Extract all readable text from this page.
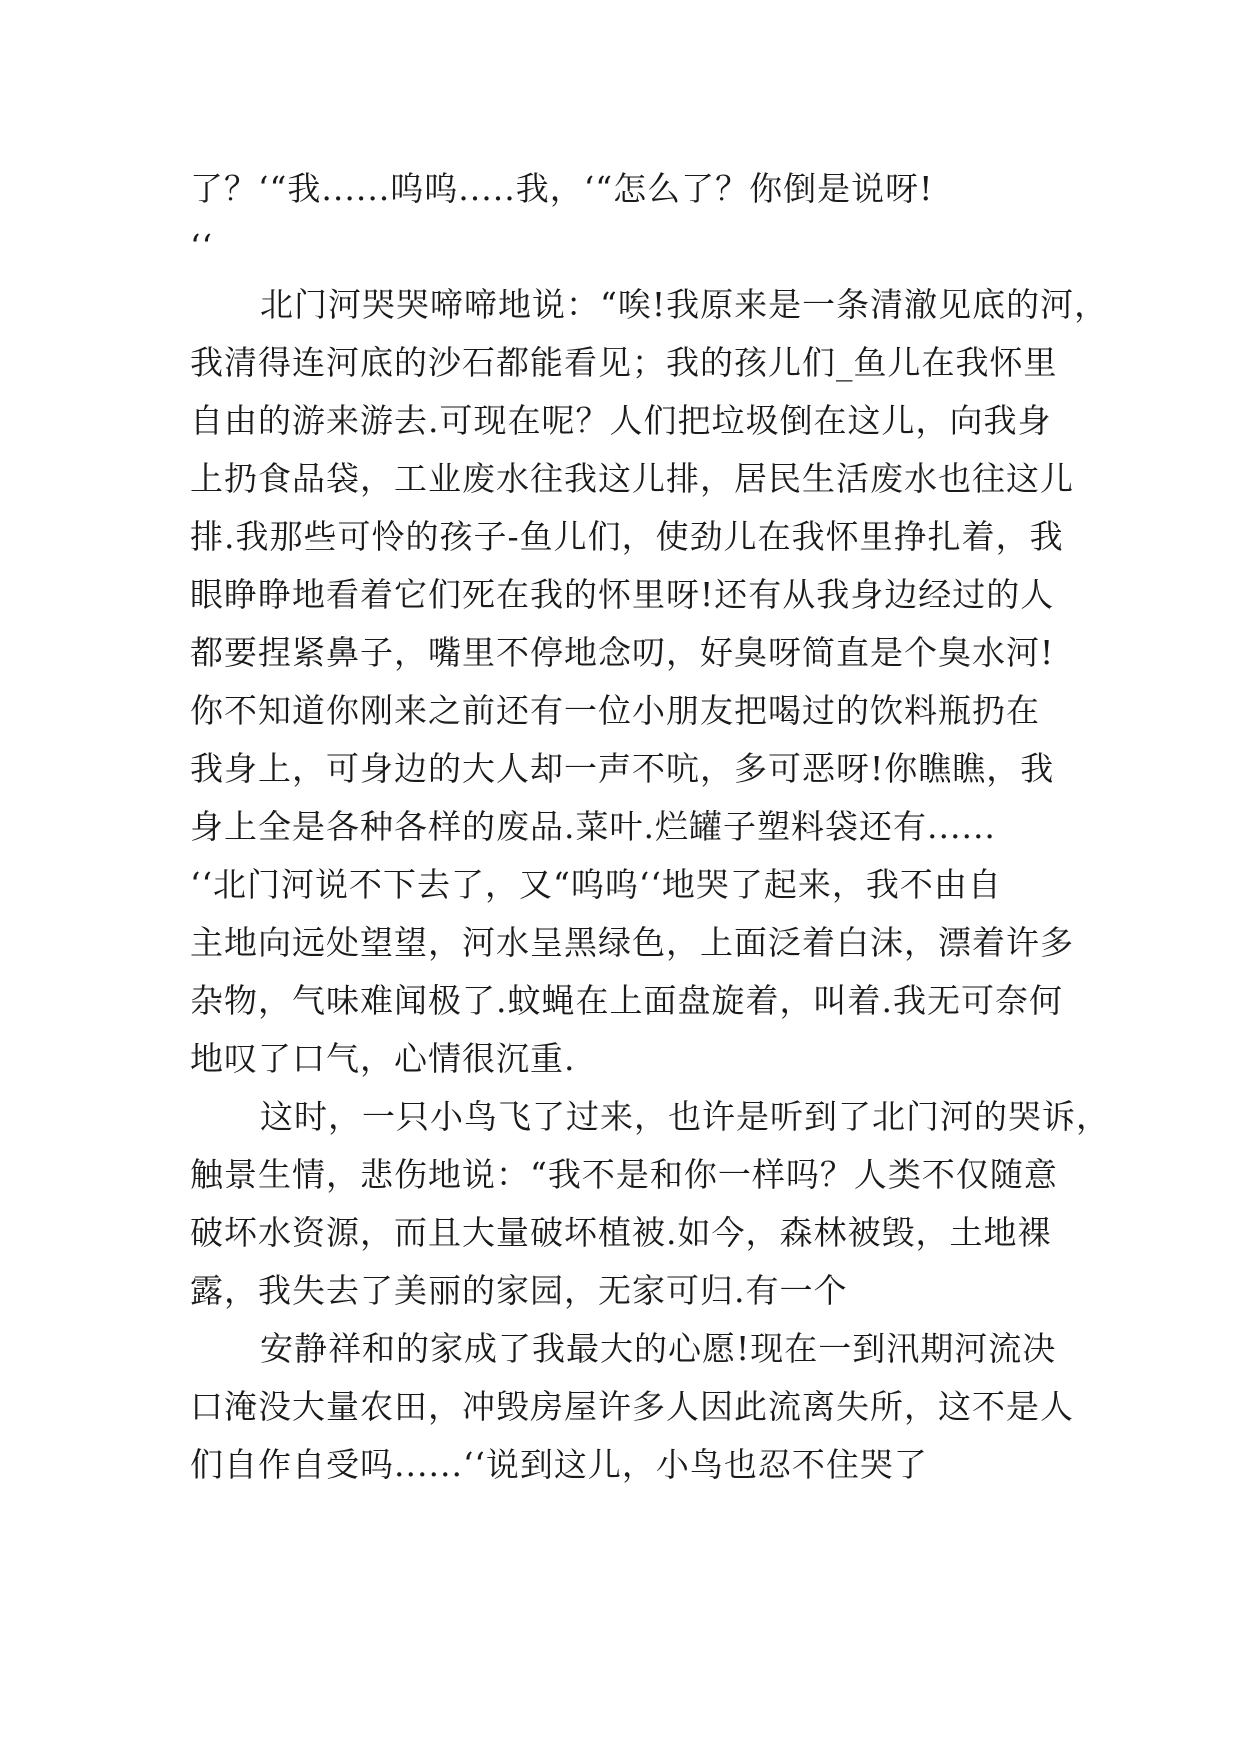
了？‘“我......呜呜.....我，‘“怎么了？你倒是说呀!
‘‘
北门河哭哭啼啼地说：“唉!我原来是一条清澈见底的河，
我清得连河底的沙石都能看见；我的孩儿们_鱼儿在我怀里
自由的游来游去.可现在呢？人们把垃圾倒在这儿，向我身
上扔食品袋，工业废水往我这儿排，居民生活废水也往这儿
排.我那些可怜的孩子-鱼儿们，使劲儿在我怀里挣扎着，我
眼睁睁地看着它们死在我的怀里呀!还有从我身边经过的人
都要捏紧鼻子，嘴里不停地念叨，好臭呀简直是个臭水河!
你不知道你刚来之前还有一位小朋友把喝过的饮料瓶扔在
我身上，可身边的大人却一声不吭，多可恶呀!你瞧瞧，我
身上全是各种各样的废品.菜叶.烂罐子塑料袋还有......
‘‘北门河说不下去了，又“呜呜‘‘地哭了起来，我不由自
主地向远处望望，河水呈黑绿色，上面泛着白沫，漂着许多
杂物，气味难闻极了.蚊蝇在上面盘旋着，叫着.我无可奈何
地叹了口气，心情很沉重.
这时，一只小鸟飞了过来，也许是听到了北门河的哭诉，
触景生情，悲伤地说：“我不是和你一样吗？人类不仅随意
破坏水资源，而且大量破坏植被.如今，森林被毁，土地裸
露，我失去了美丽的家园，无家可归.有一个
安静祥和的家成了我最大的心愿!现在一到汛期河流决
口淹没大量农田，冲毁房屋许多人因此流离失所，这不是人
们自作自受吗......‘‘说到这儿，小鸟也忍不住哭了
